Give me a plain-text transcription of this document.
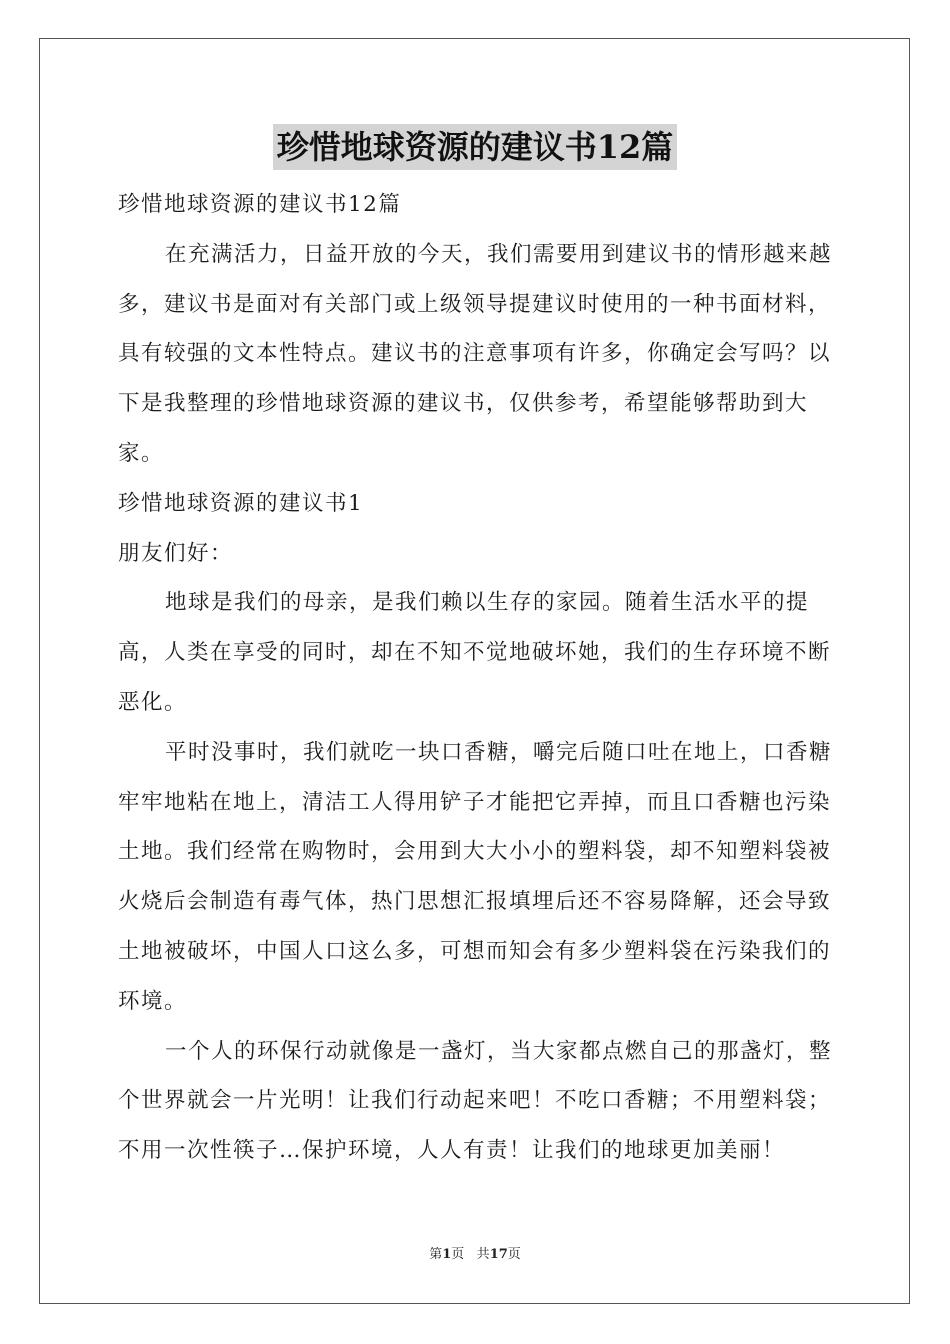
珍惜地球资源的建议书12篇

珍惜地球资源的建议书12篇

在充满活力，日益开放的今天，我们需要用到建议书的情形越来越多，建议书是面对有关部门或上级领导提建议时使用的一种书面材料，具有较强的文本性特点。建议书的注意事项有许多，你确定会写吗？以下是我整理的珍惜地球资源的建议书，仅供参考，希望能够帮助到大家。

珍惜地球资源的建议书1

朋友们好：

地球是我们的母亲，是我们赖以生存的家园。随着生活水平的提高，人类在享受的同时，却在不知不觉地破坏她，我们的生存环境不断恶化。

平时没事时，我们就吃一块口香糖，嚼完后随口吐在地上，口香糖牢牢地粘在地上，清洁工人得用铲子才能把它弄掉，而且口香糖也污染土地。我们经常在购物时，会用到大大小小的塑料袋，却不知塑料袋被火烧后会制造有毒气体，热门思想汇报填埋后还不容易降解，还会导致土地被破坏，中国人口这么多，可想而知会有多少塑料袋在污染我们的环境。

一个人的环保行动就像是一盏灯，当大家都点燃自己的那盏灯，整个世界就会一片光明！让我们行动起来吧！不吃口香糖；不用塑料袋；不用一次性筷子…保护环境，人人有责！让我们的地球更加美丽！

第1页 共17页
